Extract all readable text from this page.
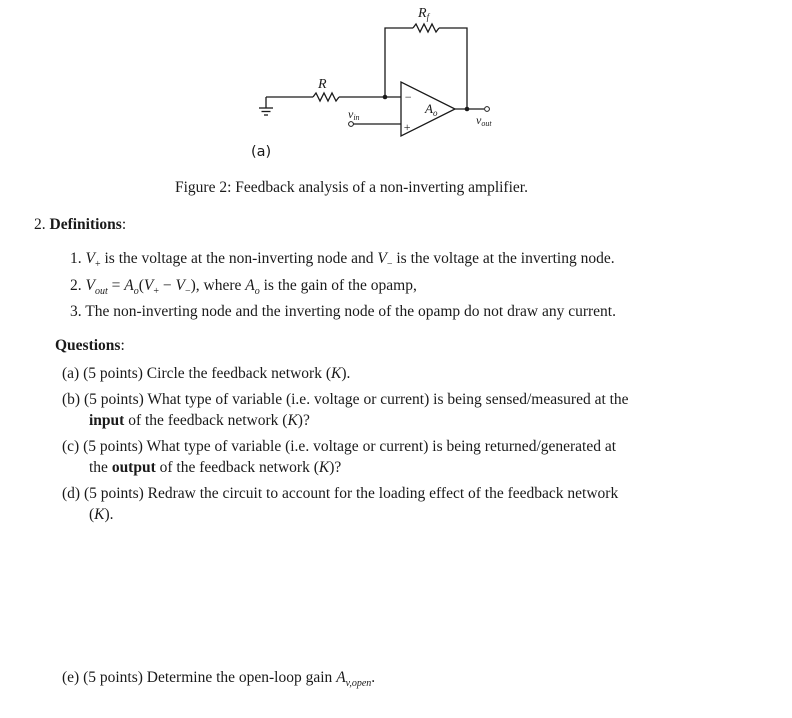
$R_f$
R
$A_o$
−
+
vin	vout
(a)
Figure 2: Feedback analysis of a non-inverting amplifier.
2. Definitions:
1. $V_+$ is the voltage at the non-inverting node and $V_-$ is the voltage at the inverting node.
2. $V_{out} = A_o(V_+ - V_-)$, where $A_o$ is the gain of the opamp,
3. The non-inverting node and the inverting node of the opamp do not draw any current.
Questions:
(a) (5 points) Circle the feedback network (K).
(b) (5 points) What type of variable (i.e. voltage or current) is being sensed/measured at the
input of the feedback network (K)?
(c) (5 points) What type of variable (i.e. voltage or current) is being returned/generated at
the output of the feedback network (K)?
(d) (5 points) Redraw the circuit to account for the loading effect of the feedback network
(K).
(e) (5 points) Determine the open-loop gain $A_{v,open}$.
